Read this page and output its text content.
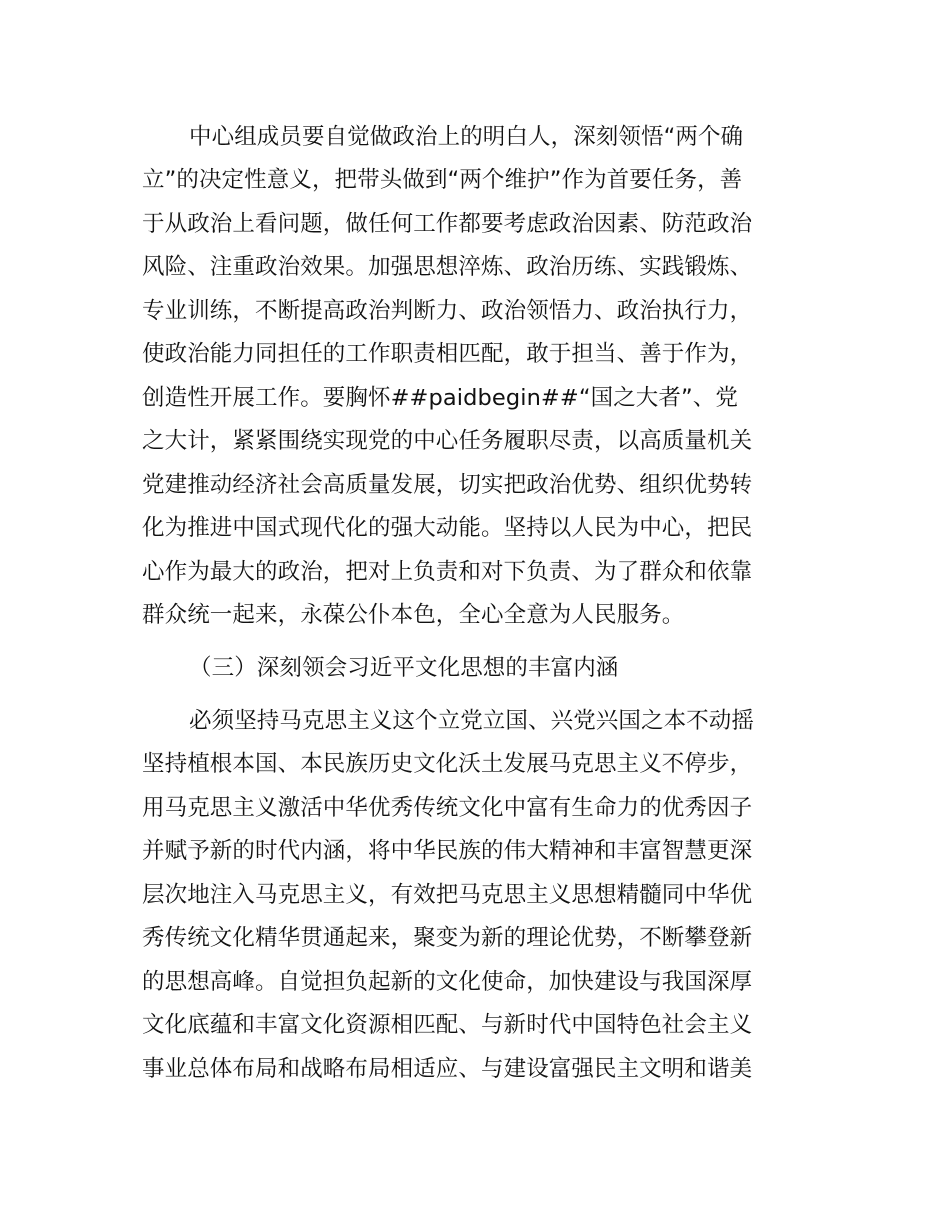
中心组成员要自觉做政治上的明白人，深刻领悟“两个确
立”的决定性意义，把带头做到“两个维护”作为首要任务，善
于从政治上看问题，做任何工作都要考虑政治因素、防范政治
风险、注重政治效果。加强思想淬炼、政治历练、实践锻炼、
专业训练，不断提高政治判断力、政治领悟力、政治执行力，
使政治能力同担任的工作职责相匹配，敢于担当、善于作为，
创造性开展工作。要胸怀##paidbegin##“国之大者”、党
之大计，紧紧围绕实现党的中心任务履职尽责，以高质量机关
党建推动经济社会高质量发展，切实把政治优势、组织优势转
化为推进中国式现代化的强大动能。坚持以人民为中心，把民
心作为最大的政治，把对上负责和对下负责、为了群众和依靠
群众统一起来，永葆公仆本色，全心全意为人民服务。
（三）深刻领会习近平文化思想的丰富内涵
必须坚持马克思主义这个立党立国、兴党兴国之本不动摇
坚持植根本国、本民族历史文化沃土发展马克思主义不停步，
用马克思主义激活中华优秀传统文化中富有生命力的优秀因子
并赋予新的时代内涵，将中华民族的伟大精神和丰富智慧更深
层次地注入马克思主义，有效把马克思主义思想精髓同中华优
秀传统文化精华贯通起来，聚变为新的理论优势，不断攀登新
的思想高峰。自觉担负起新的文化使命，加快建设与我国深厚
文化底蕴和丰富文化资源相匹配、与新时代中国特色社会主义
事业总体布局和战略布局相适应、与建设富强民主文明和谐美
